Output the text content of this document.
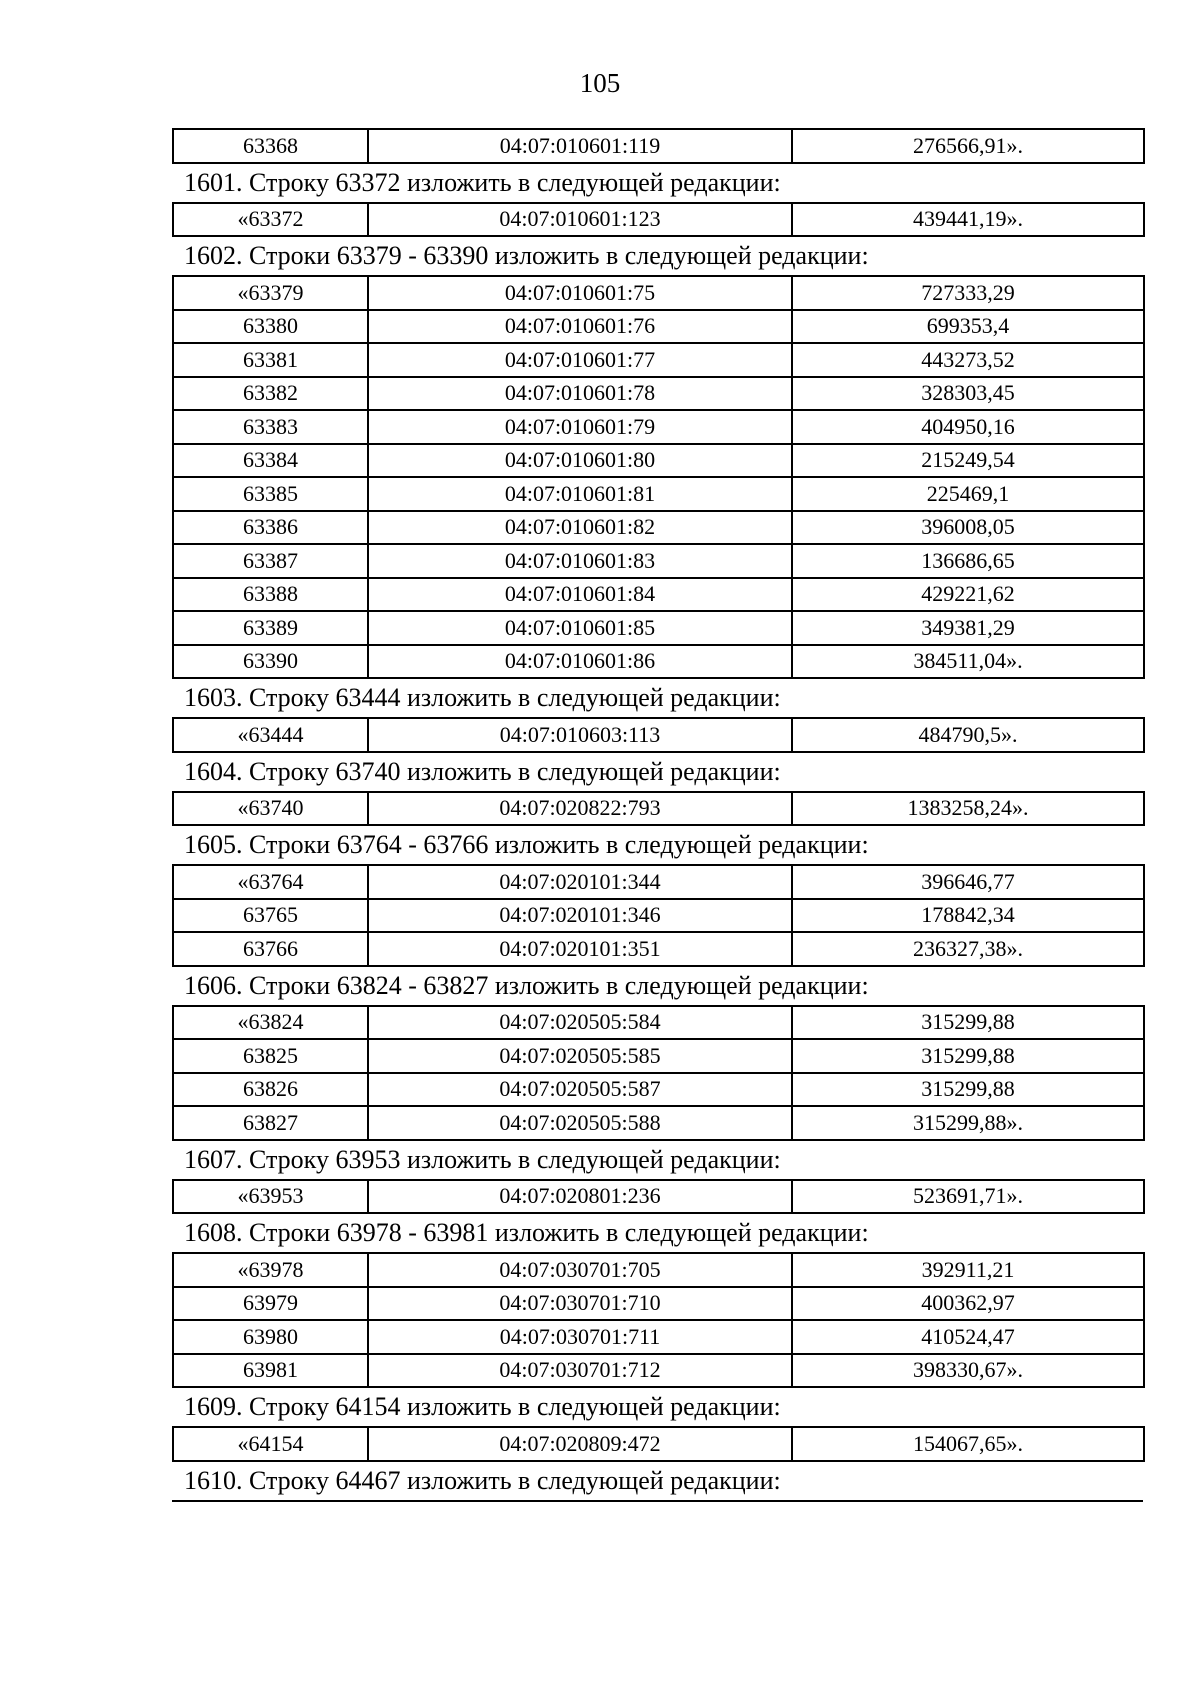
105
63368	04:07:010601:119	276566,91».
1601. Строку 63372 изложить в следующей редакции:
«63372	04:07:010601:123	439441,19».
1602. Строки 63379 - 63390 изложить в следующей редакции:
«63379	04:07:010601:75	727333,29
63380	04:07:010601:76	699353,4
63381	04:07:010601:77	443273,52
63382	04:07:010601:78	328303,45
63383	04:07:010601:79	404950,16
63384	04:07:010601:80	215249,54
63385	04:07:010601:81	225469,1
63386	04:07:010601:82	396008,05
63387	04:07:010601:83	136686,65
63388	04:07:010601:84	429221,62
63389	04:07:010601:85	349381,29
63390	04:07:010601:86	384511,04».
1603. Строку 63444 изложить в следующей редакции:
«63444	04:07:010603:113	484790,5».
1604. Строку 63740 изложить в следующей редакции:
«63740	04:07:020822:793	1383258,24».
1605. Строки 63764 - 63766 изложить в следующей редакции:
«63764	04:07:020101:344	396646,77
63765	04:07:020101:346	178842,34
63766	04:07:020101:351	236327,38».
1606. Строки 63824 - 63827 изложить в следующей редакции:
«63824	04:07:020505:584	315299,88
63825	04:07:020505:585	315299,88
63826	04:07:020505:587	315299,88
63827	04:07:020505:588	315299,88».
1607. Строку 63953 изложить в следующей редакции:
«63953	04:07:020801:236	523691,71».
1608. Строки 63978 - 63981 изложить в следующей редакции:
«63978	04:07:030701:705	392911,21
63979	04:07:030701:710	400362,97
63980	04:07:030701:711	410524,47
63981	04:07:030701:712	398330,67».
1609. Строку 64154 изложить в следующей редакции:
«64154	04:07:020809:472	154067,65».
1610. Строку 64467 изложить в следующей редакции:
